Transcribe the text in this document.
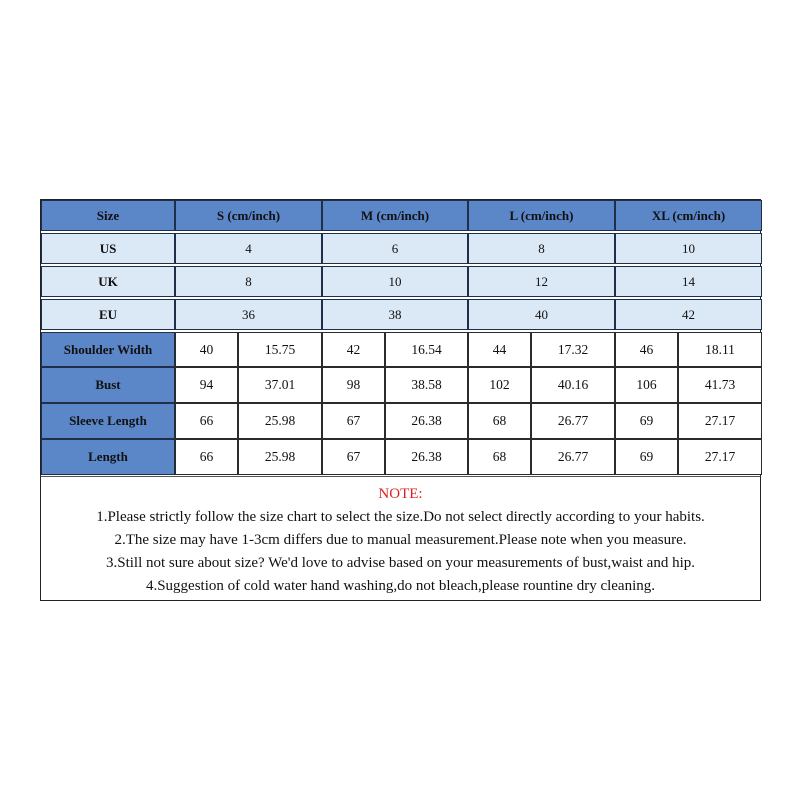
Size	S (cm/inch)	M (cm/inch)	L (cm/inch)	XL (cm/inch)
US	4	6	8	10
UK	8	10	12	14
EU	36	38	40	42
Shoulder Width	40	15.75	42	16.54	44	17.32	46	18.11
Bust	94	37.01	98	38.58	102	40.16	106	41.73
Sleeve Length	66	25.98	67	26.38	68	26.77	69	27.17
Length	66	25.98	67	26.38	68	26.77	69	27.17
NOTE:
1.Please strictly follow the size chart to select the size.Do not select directly according to your habits.
2.The size may have 1-3cm differs due to manual measurement.Please note when you measure.
3.Still not sure about size? We'd love to advise based on your measurements of bust,waist and hip.
4.Suggestion of cold water hand washing,do not bleach,please rountine dry cleaning.
